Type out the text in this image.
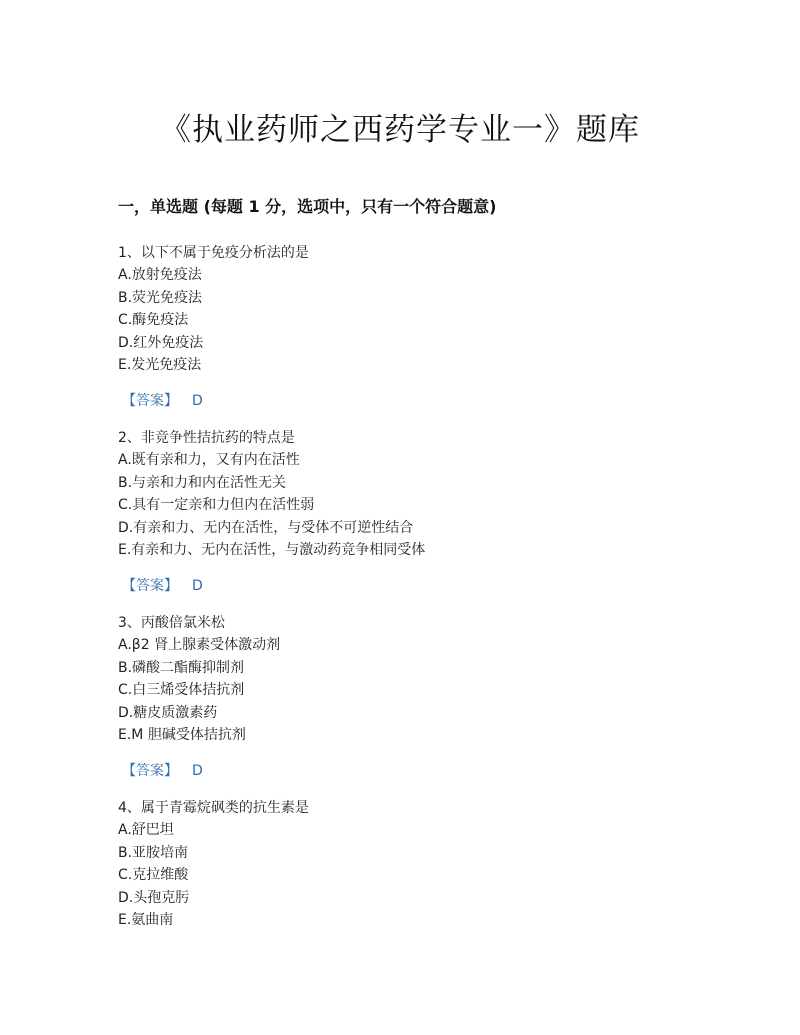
《执业药师之西药学专业一》题库
一，单选题 (每题 1 分，选项中，只有一个符合题意)
1、以下不属于免疫分析法的是
A.放射免疫法
B.荧光免疫法
C.酶免疫法
D.红外免疫法
E.发光免疫法
【答案】 D
2、非竞争性拮抗药的特点是
A.既有亲和力，又有内在活性
B.与亲和力和内在活性无关
C.具有一定亲和力但内在活性弱
D.有亲和力、无内在活性，与受体不可逆性结合
E.有亲和力、无内在活性，与激动药竞争相同受体
【答案】 D
3、丙酸倍氯米松
A.β2 肾上腺素受体激动剂
B.磷酸二酯酶抑制剂
C.白三烯受体拮抗剂
D.糖皮质激素药
E.M 胆碱受体拮抗剂
【答案】 D
4、属于青霉烷砜类的抗生素是
A.舒巴坦
B.亚胺培南
C.克拉维酸
D.头孢克肟
E.氨曲南
